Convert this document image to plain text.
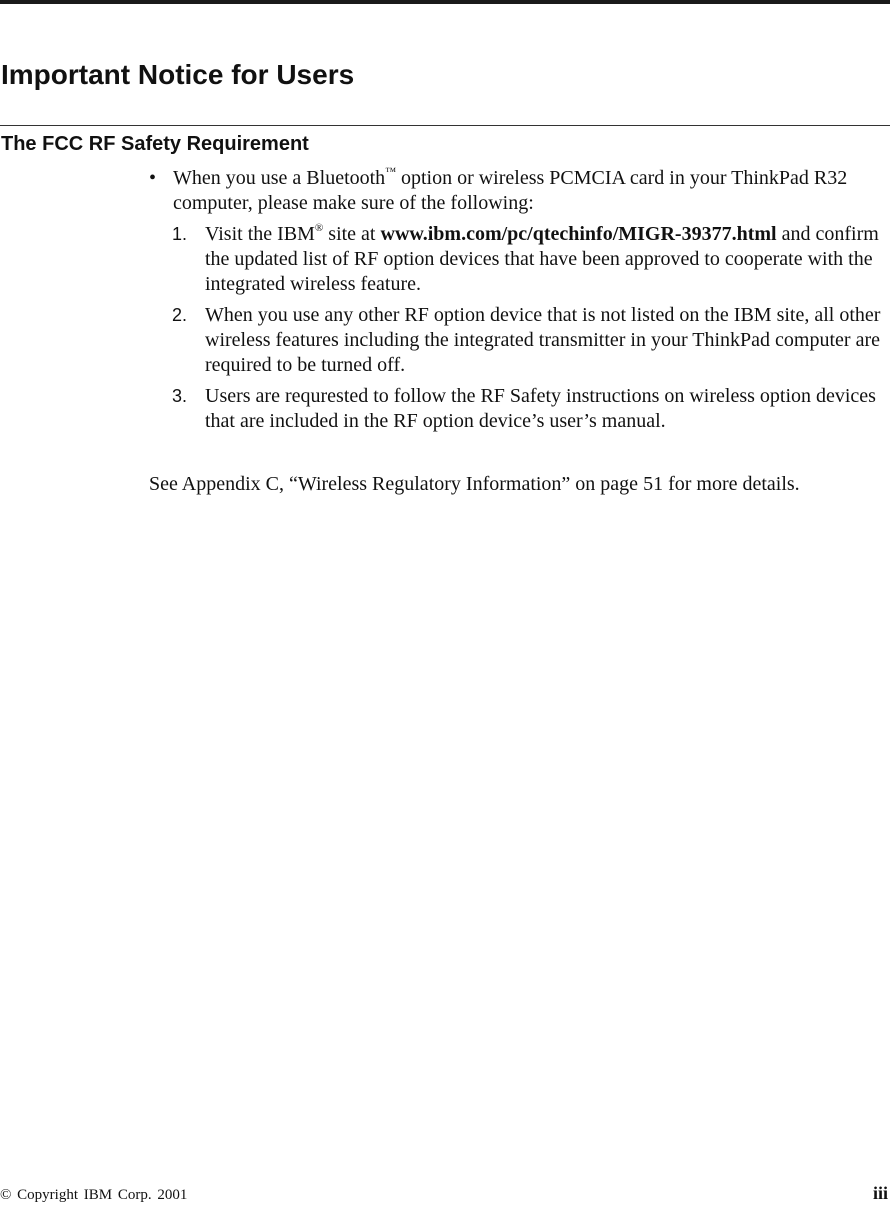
Important Notice for Users
The FCC RF Safety Requirement
• When you use a Bluetooth™ option or wireless PCMCIA card in your ThinkPad R32 computer, please make sure of the following:
1. Visit the IBM® site at www.ibm.com/pc/qtechinfo/MIGR-39377.html and confirm the updated list of RF option devices that have been approved to cooperate with the integrated wireless feature.
2. When you use any other RF option device that is not listed on the IBM site, all other wireless features including the integrated transmitter in your ThinkPad computer are required to be turned off.
3. Users are requrested to follow the RF Safety instructions on wireless option devices that are included in the RF option device’s user’s manual.

See Appendix C, “Wireless Regulatory Information” on page 51 for more details.

© Copyright IBM Corp. 2001	iii
